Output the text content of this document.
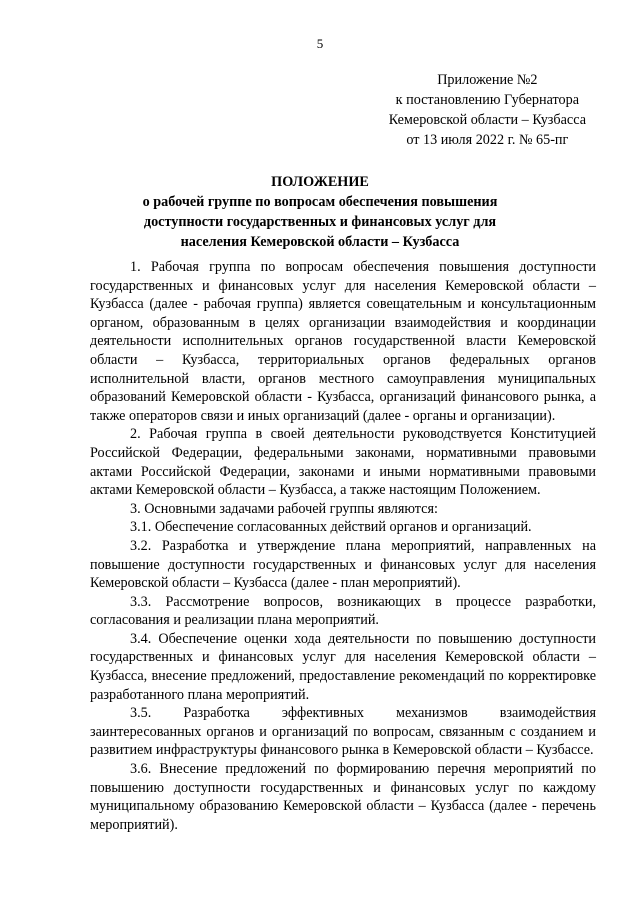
5
Приложение №2
к постановлению Губернатора
Кемеровской области – Кузбасса
от 13 июля 2022 г. № 65-пг
ПОЛОЖЕНИЕ
о рабочей группе по вопросам обеспечения повышения
доступности государственных и финансовых услуг для
населения Кемеровской области – Кузбасса

1. Рабочая группа по вопросам обеспечения повышения доступности государственных и финансовых услуг для населения Кемеровской области – Кузбасса (далее - рабочая группа) является совещательным и консультационным органом, образованным в целях организации взаимодействия и координации деятельности исполнительных органов государственной власти Кемеровской области – Кузбасса, территориальных органов федеральных органов исполнительной власти, органов местного самоуправления муниципальных образований Кемеровской области - Кузбасса, организаций финансового рынка, а также операторов связи и иных организаций (далее - органы и организации).

2. Рабочая группа в своей деятельности руководствуется Конституцией Российской Федерации, федеральными законами, нормативными правовыми актами Российской Федерации, законами и иными нормативными правовыми актами Кемеровской области – Кузбасса, а также настоящим Положением.

3. Основными задачами рабочей группы являются:

3.1. Обеспечение согласованных действий органов и организаций.

3.2. Разработка и утверждение плана мероприятий, направленных на повышение доступности государственных и финансовых услуг для населения Кемеровской области – Кузбасса (далее - план мероприятий).

3.3. Рассмотрение вопросов, возникающих в процессе разработки, согласования и реализации плана мероприятий.

3.4. Обеспечение оценки хода деятельности по повышению доступности государственных и финансовых услуг для населения Кемеровской области – Кузбасса, внесение предложений, предоставление рекомендаций по корректировке разработанного плана мероприятий.

3.5. Разработка эффективных механизмов взаимодействия заинтересованных органов и организаций по вопросам, связанным с созданием и развитием инфраструктуры финансового рынка в Кемеровской области – Кузбассе.

3.6. Внесение предложений по формированию перечня мероприятий по повышению доступности государственных и финансовых услуг по каждому муниципальному образованию Кемеровской области – Кузбасса (далее - перечень мероприятий).
